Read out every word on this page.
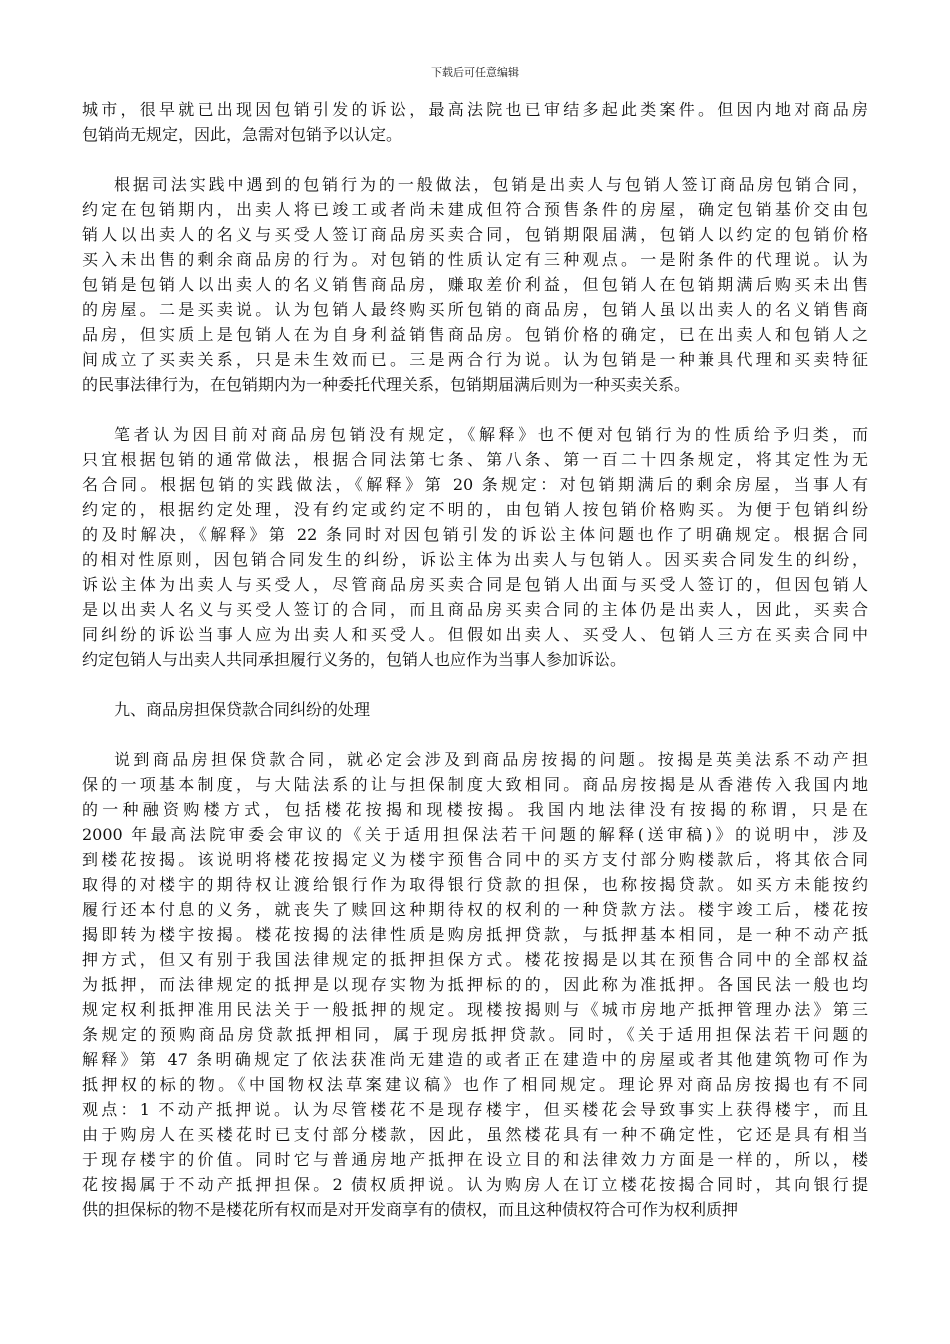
下载后可任意编辑
城市，很早就已出现因包销引发的诉讼，最高法院也已审结多起此类案件。但因内地对商品房
包销尚无规定，因此，急需对包销予以认定。
根据司法实践中遇到的包销行为的一般做法，包销是出卖人与包销人签订商品房包销合同，
约定在包销期内，出卖人将已竣工或者尚未建成但符合预售条件的房屋，确定包销基价交由包
销人以出卖人的名义与买受人签订商品房买卖合同，包销期限届满，包销人以约定的包销价格
买入未出售的剩余商品房的行为。对包销的性质认定有三种观点。一是附条件的代理说。认为
包销是包销人以出卖人的名义销售商品房，赚取差价利益，但包销人在包销期满后购买未出售
的房屋。二是买卖说。认为包销人最终购买所包销的商品房，包销人虽以出卖人的名义销售商
品房，但实质上是包销人在为自身利益销售商品房。包销价格的确定，已在出卖人和包销人之
间成立了买卖关系，只是未生效而已。三是两合行为说。认为包销是一种兼具代理和买卖特征
的民事法律行为，在包销期内为一种委托代理关系，包销期届满后则为一种买卖关系。
笔者认为因目前对商品房包销没有规定，《解释》也不便对包销行为的性质给予归类，而
只宜根据包销的通常做法，根据合同法第七条、第八条、第一百二十四条规定，将其定性为无
名合同。根据包销的实践做法，《解释》第 20 条规定：对包销期满后的剩余房屋，当事人有
约定的，根据约定处理，没有约定或约定不明的，由包销人按包销价格购买。为便于包销纠纷
的及时解决，《解释》第 22 条同时对因包销引发的诉讼主体问题也作了明确规定。根据合同
的相对性原则，因包销合同发生的纠纷，诉讼主体为出卖人与包销人。因买卖合同发生的纠纷，
诉讼主体为出卖人与买受人，尽管商品房买卖合同是包销人出面与买受人签订的，但因包销人
是以出卖人名义与买受人签订的合同，而且商品房买卖合同的主体仍是出卖人，因此，买卖合
同纠纷的诉讼当事人应为出卖人和买受人。但假如出卖人、买受人、包销人三方在买卖合同中
约定包销人与出卖人共同承担履行义务的，包销人也应作为当事人参加诉讼。
九、商品房担保贷款合同纠纷的处理
说到商品房担保贷款合同，就必定会涉及到商品房按揭的问题。按揭是英美法系不动产担
保的一项基本制度，与大陆法系的让与担保制度大致相同。商品房按揭是从香港传入我国内地
的一种融资购楼方式，包括楼花按揭和现楼按揭。我国内地法律没有按揭的称谓，只是在
2000 年最高法院审委会审议的《关于适用担保法若干问题的解释(送审稿)》的说明中，涉及
到楼花按揭。该说明将楼花按揭定义为楼宇预售合同中的买方支付部分购楼款后，将其依合同
取得的对楼宇的期待权让渡给银行作为取得银行贷款的担保，也称按揭贷款。如买方未能按约
履行还本付息的义务，就丧失了赎回这种期待权的权利的一种贷款方法。楼宇竣工后，楼花按
揭即转为楼宇按揭。楼花按揭的法律性质是购房抵押贷款，与抵押基本相同，是一种不动产抵
押方式，但又有别于我国法律规定的抵押担保方式。楼花按揭是以其在预售合同中的全部权益
为抵押，而法律规定的抵押是以现存实物为抵押标的的，因此称为准抵押。各国民法一般也均
规定权利抵押准用民法关于一般抵押的规定。现楼按揭则与《城市房地产抵押管理办法》第三
条规定的预购商品房贷款抵押相同，属于现房抵押贷款。同时，《关于适用担保法若干问题的
解释》第 47 条明确规定了依法获准尚无建造的或者正在建造中的房屋或者其他建筑物可作为
抵押权的标的物。《中国物权法草案建议稿》也作了相同规定。理论界对商品房按揭也有不同
观点：1 不动产抵押说。认为尽管楼花不是现存楼宇，但买楼花会导致事实上获得楼宇，而且
由于购房人在买楼花时已支付部分楼款，因此，虽然楼花具有一种不确定性，它还是具有相当
于现存楼宇的价值。同时它与普通房地产抵押在设立目的和法律效力方面是一样的，所以，楼
花按揭属于不动产抵押担保。2 债权质押说。认为购房人在订立楼花按揭合同时，其向银行提
供的担保标的物不是楼花所有权而是对开发商享有的债权，而且这种债权符合可作为权利质押
